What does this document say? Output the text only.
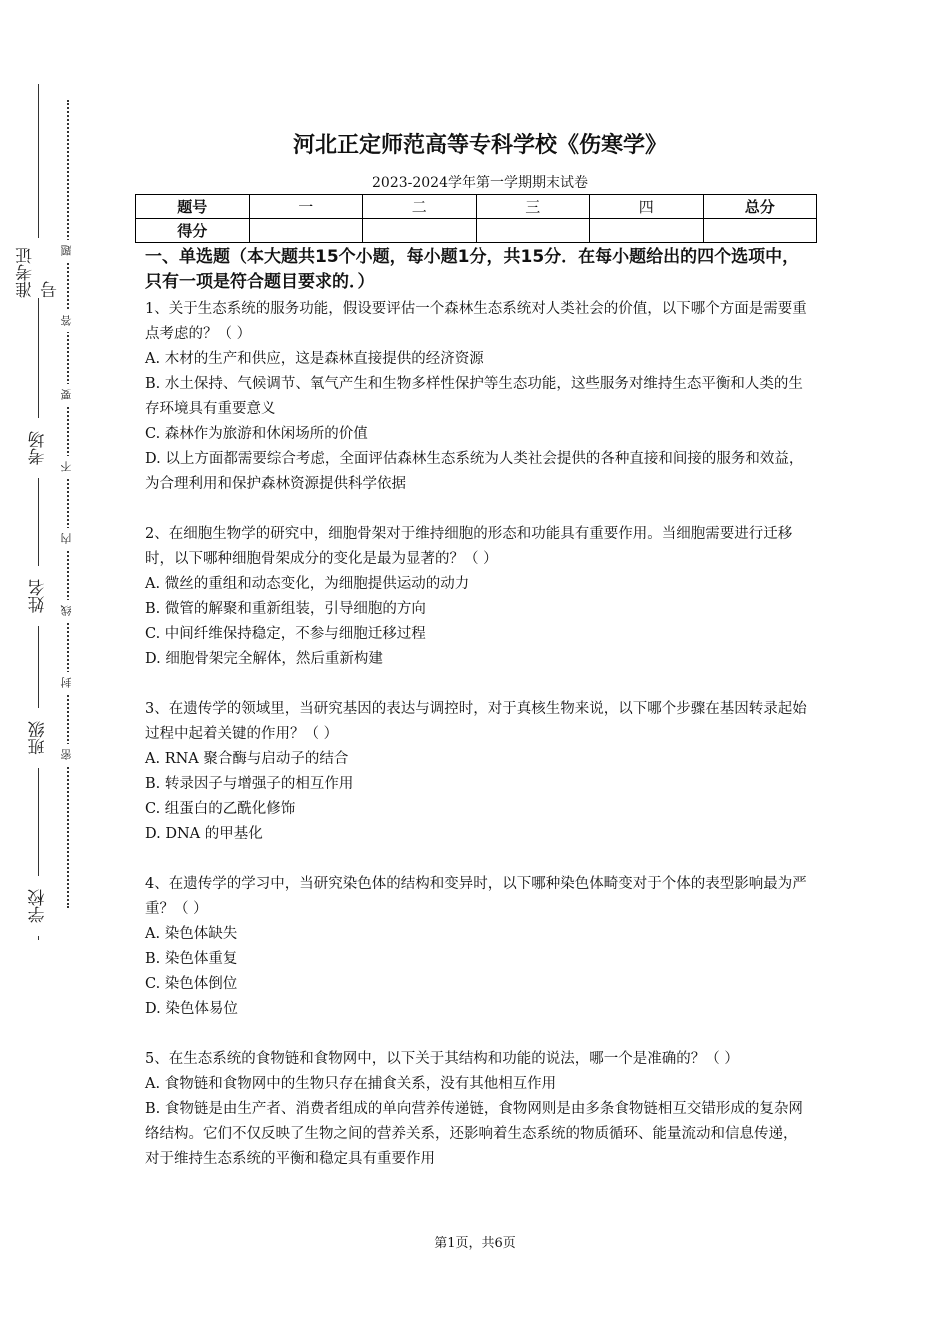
准考证号
考场
姓名
班级
学校
题
答
要
不
内
线
封
密
河北正定师范高等专科学校《伤寒学》
2023-2024学年第一学期期末试卷
题号	一	二	三	四	总分
得分					
一、单选题（本大题共15个小题，每小题1分，共15分．在每小题给出的四个选项中，只有一项是符合题目要求的．）

1、关于生态系统的服务功能，假设要评估一个森林生态系统对人类社会的价值，以下哪个方面是需要重点考虑的？（ ）

A. 木材的生产和供应，这是森林直接提供的经济资源

B. 水土保持、气候调节、氧气产生和生物多样性保护等生态功能，这些服务对维持生态平衡和人类的生存环境具有重要意义

C. 森林作为旅游和休闲场所的价值

D. 以上方面都需要综合考虑，全面评估森林生态系统为人类社会提供的各种直接和间接的服务和效益，为合理利用和保护森林资源提供科学依据

2、在细胞生物学的研究中，细胞骨架对于维持细胞的形态和功能具有重要作用。当细胞需要进行迁移时，以下哪种细胞骨架成分的变化是最为显著的？（ ）

A. 微丝的重组和动态变化，为细胞提供运动的动力

B. 微管的解聚和重新组装，引导细胞的方向

C. 中间纤维保持稳定，不参与细胞迁移过程

D. 细胞骨架完全解体，然后重新构建

3、在遗传学的领域里，当研究基因的表达与调控时，对于真核生物来说，以下哪个步骤在基因转录起始过程中起着关键的作用？（ ）

A. RNA 聚合酶与启动子的结合

B. 转录因子与增强子的相互作用

C. 组蛋白的乙酰化修饰

D. DNA 的甲基化

4、在遗传学的学习中，当研究染色体的结构和变异时，以下哪种染色体畸变对于个体的表型影响最为严重？（ ）

A. 染色体缺失

B. 染色体重复

C. 染色体倒位

D. 染色体易位

5、在生态系统的食物链和食物网中，以下关于其结构和功能的说法，哪一个是准确的？（ ）

A. 食物链和食物网中的生物只存在捕食关系，没有其他相互作用

B. 食物链是由生产者、消费者组成的单向营养传递链，食物网则是由多条食物链相互交错形成的复杂网络结构。它们不仅反映了生物之间的营养关系，还影响着生态系统的物质循环、能量流动和信息传递，对于维持生态系统的平衡和稳定具有重要作用

第1页，共6页
